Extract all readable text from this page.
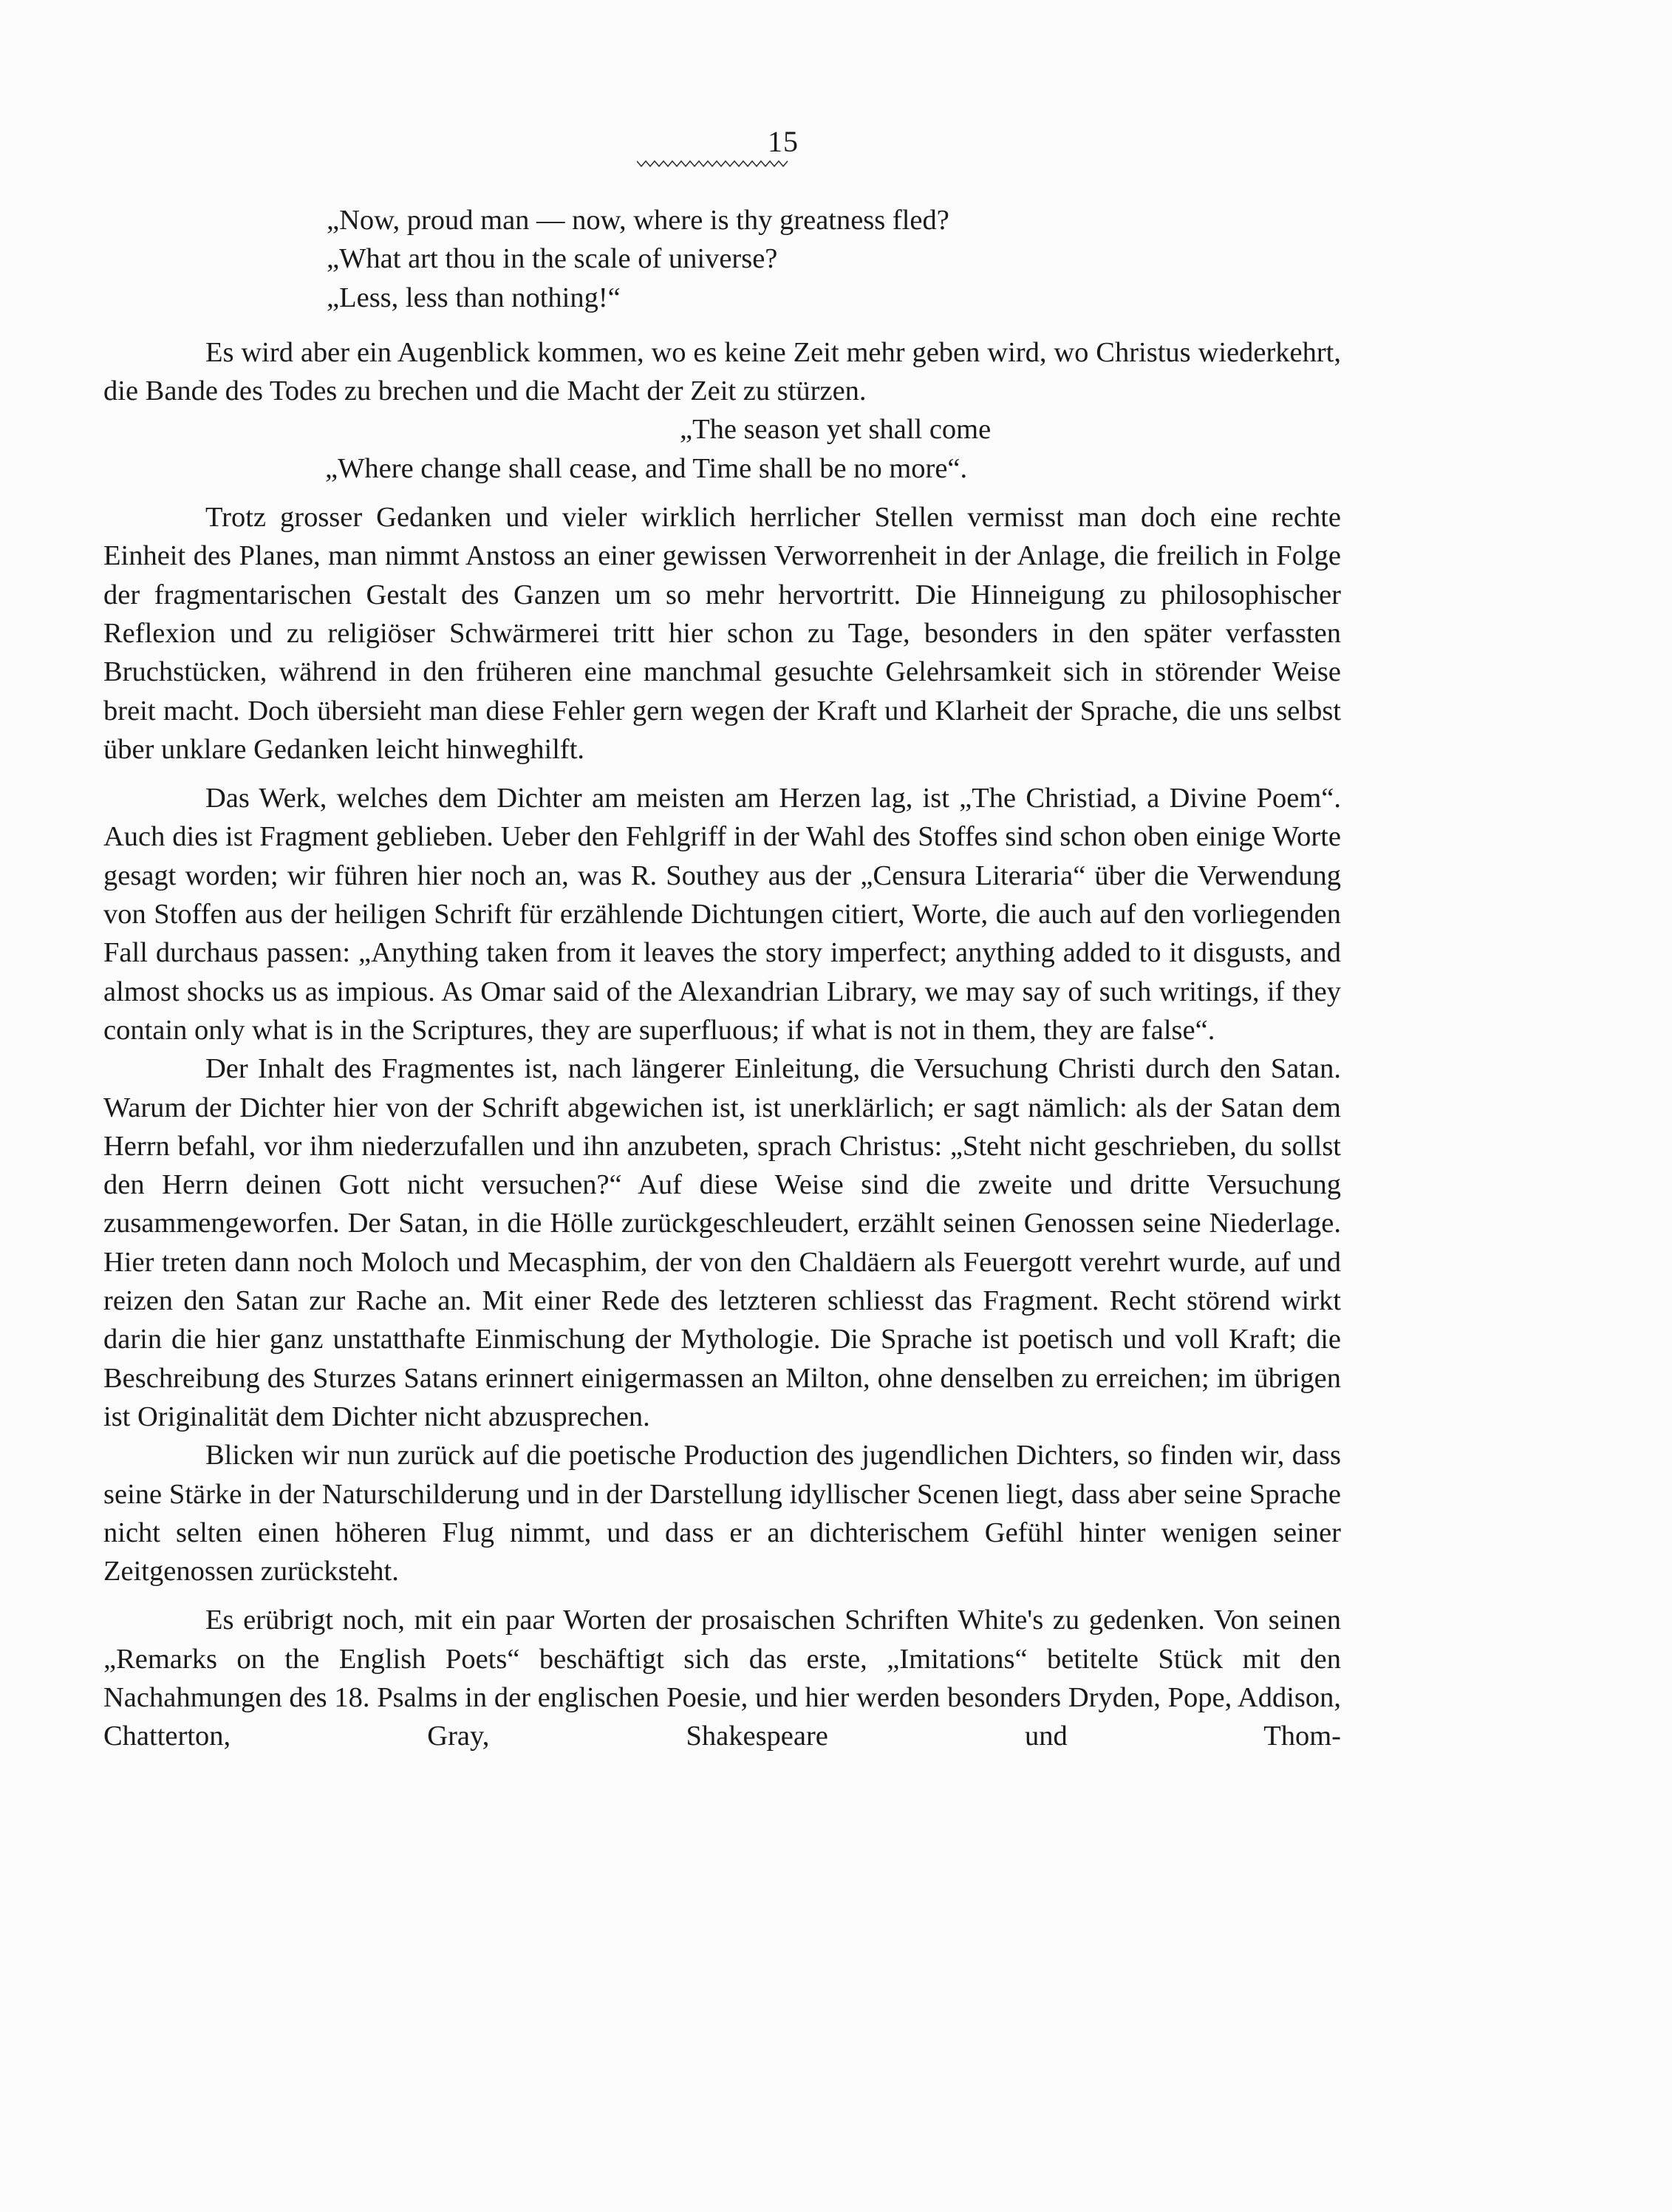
15
„Now, proud man — now, where is thy greatness fled?
„What art thou in the scale of universe?
„Less, less than nothing!“

Es wird aber ein Augenblick kommen, wo es keine Zeit mehr geben wird, wo Christus wiederkehrt, die Bande des Todes zu brechen und die Macht der Zeit zu stürzen.

„The season yet shall come
„Where change shall cease, and Time shall be no more“.

Trotz grosser Gedanken und vieler wirklich herrlicher Stellen vermisst man doch eine rechte Einheit des Planes, man nimmt Anstoss an einer gewissen Verworrenheit in der Anlage, die freilich in Folge der fragmentarischen Gestalt des Ganzen um so mehr hervortritt. Die Hinneigung zu philosophischer Reflexion und zu religiöser Schwärmerei tritt hier schon zu Tage, besonders in den später verfassten Bruchstücken, während in den früheren eine manchmal gesuchte Gelehrsamkeit sich in störender Weise breit macht. Doch übersieht man diese Fehler gern wegen der Kraft und Klarheit der Sprache, die uns selbst über unklare Gedanken leicht hinweghilft.

Das Werk, welches dem Dichter am meisten am Herzen lag, ist „The Christiad, a Divine Poem“. Auch dies ist Fragment geblieben. Ueber den Fehlgriff in der Wahl des Stoffes sind schon oben einige Worte gesagt worden; wir führen hier noch an, was R. Southey aus der „Censura Literaria“ über die Verwendung von Stoffen aus der heiligen Schrift für erzählende Dichtungen citiert, Worte, die auch auf den vorliegenden Fall durchaus passen: „Anything taken from it leaves the story imperfect; anything added to it disgusts, and almost shocks us as impious. As Omar said of the Alexandrian Library, we may say of such writings, if they contain only what is in the Scriptures, they are superfluous; if what is not in them, they are false“.

Der Inhalt des Fragmentes ist, nach längerer Einleitung, die Versuchung Christi durch den Satan. Warum der Dichter hier von der Schrift abgewichen ist, ist unerklärlich; er sagt nämlich: als der Satan dem Herrn befahl, vor ihm niederzufallen und ihn anzubeten, sprach Christus: „Steht nicht geschrieben, du sollst den Herrn deinen Gott nicht versuchen?“ Auf diese Weise sind die zweite und dritte Versuchung zusammengeworfen. Der Satan, in die Hölle zurückgeschleudert, erzählt seinen Genossen seine Niederlage. Hier treten dann noch Moloch und Mecasphim, der von den Chaldäern als Feuergott verehrt wurde, auf und reizen den Satan zur Rache an. Mit einer Rede des letzteren schliesst das Fragment. Recht störend wirkt darin die hier ganz unstatthafte Einmischung der Mythologie. Die Sprache ist poetisch und voll Kraft; die Beschreibung des Sturzes Satans erinnert einigermassen an Milton, ohne denselben zu erreichen; im übrigen ist Originalität dem Dichter nicht abzusprechen.

Blicken wir nun zurück auf die poetische Production des jugendlichen Dichters, so finden wir, dass seine Stärke in der Naturschilderung und in der Darstellung idyllischer Scenen liegt, dass aber seine Sprache nicht selten einen höheren Flug nimmt, und dass er an dichterischem Gefühl hinter wenigen seiner Zeitgenossen zurücksteht.

Es erübrigt noch, mit ein paar Worten der prosaischen Schriften White's zu gedenken. Von seinen „Remarks on the English Poets“ beschäftigt sich das erste, „Imitations“ betitelte Stück mit den Nachahmungen des 18. Psalms in der englischen Poesie, und hier werden besonders Dryden, Pope, Addison, Chatterton, Gray, Shakespeare und Thom-
